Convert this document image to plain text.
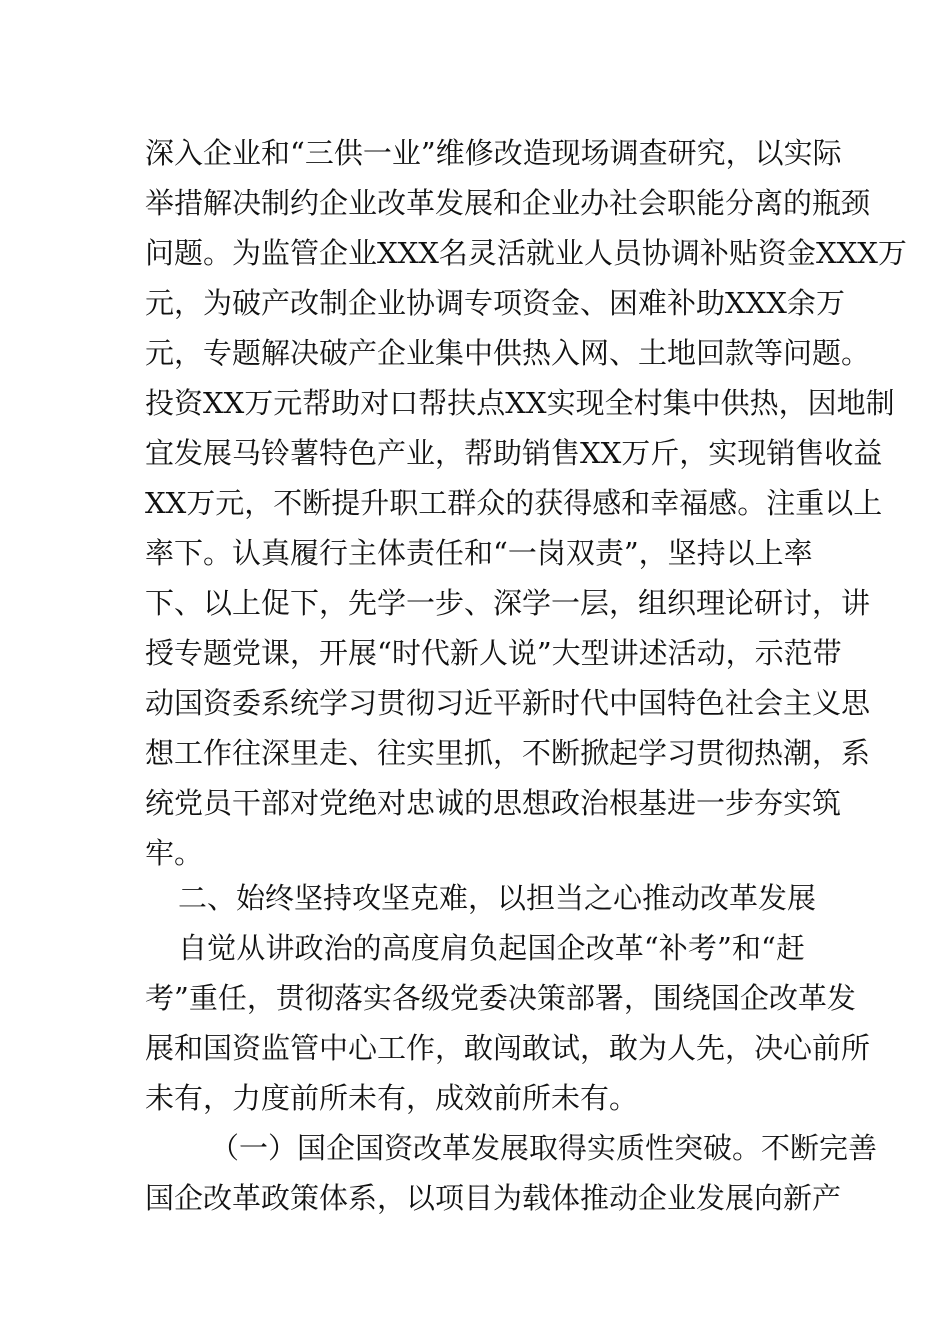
深入企业和“三供一业”维修改造现场调查研究，以实际
举措解决制约企业改革发展和企业办社会职能分离的瓶颈
问题。为监管企业XXX名灵活就业人员协调补贴资金XXX万
元，为破产改制企业协调专项资金、困难补助XXX余万
元，专题解决破产企业集中供热入网、土地回款等问题。
投资XX万元帮助对口帮扶点XX实现全村集中供热，因地制
宜发展马铃薯特色产业，帮助销售XX万斤，实现销售收益
XX万元，不断提升职工群众的获得感和幸福感。注重以上
率下。认真履行主体责任和“一岗双责”，坚持以上率
下、以上促下，先学一步、深学一层，组织理论研讨，讲
授专题党课，开展“时代新人说”大型讲述活动，示范带
动国资委系统学习贯彻习近平新时代中国特色社会主义思
想工作往深里走、往实里抓，不断掀起学习贯彻热潮，系
统党员干部对党绝对忠诚的思想政治根基进一步夯实筑
牢。
二、始终坚持攻坚克难，以担当之心推动改革发展
自觉从讲政治的高度肩负起国企改革“补考”和“赶
考”重任，贯彻落实各级党委决策部署，围绕国企改革发
展和国资监管中心工作，敢闯敢试，敢为人先，决心前所
未有，力度前所未有，成效前所未有。
（一）国企国资改革发展取得实质性突破。不断完善
国企改革政策体系，以项目为载体推动企业发展向新产
